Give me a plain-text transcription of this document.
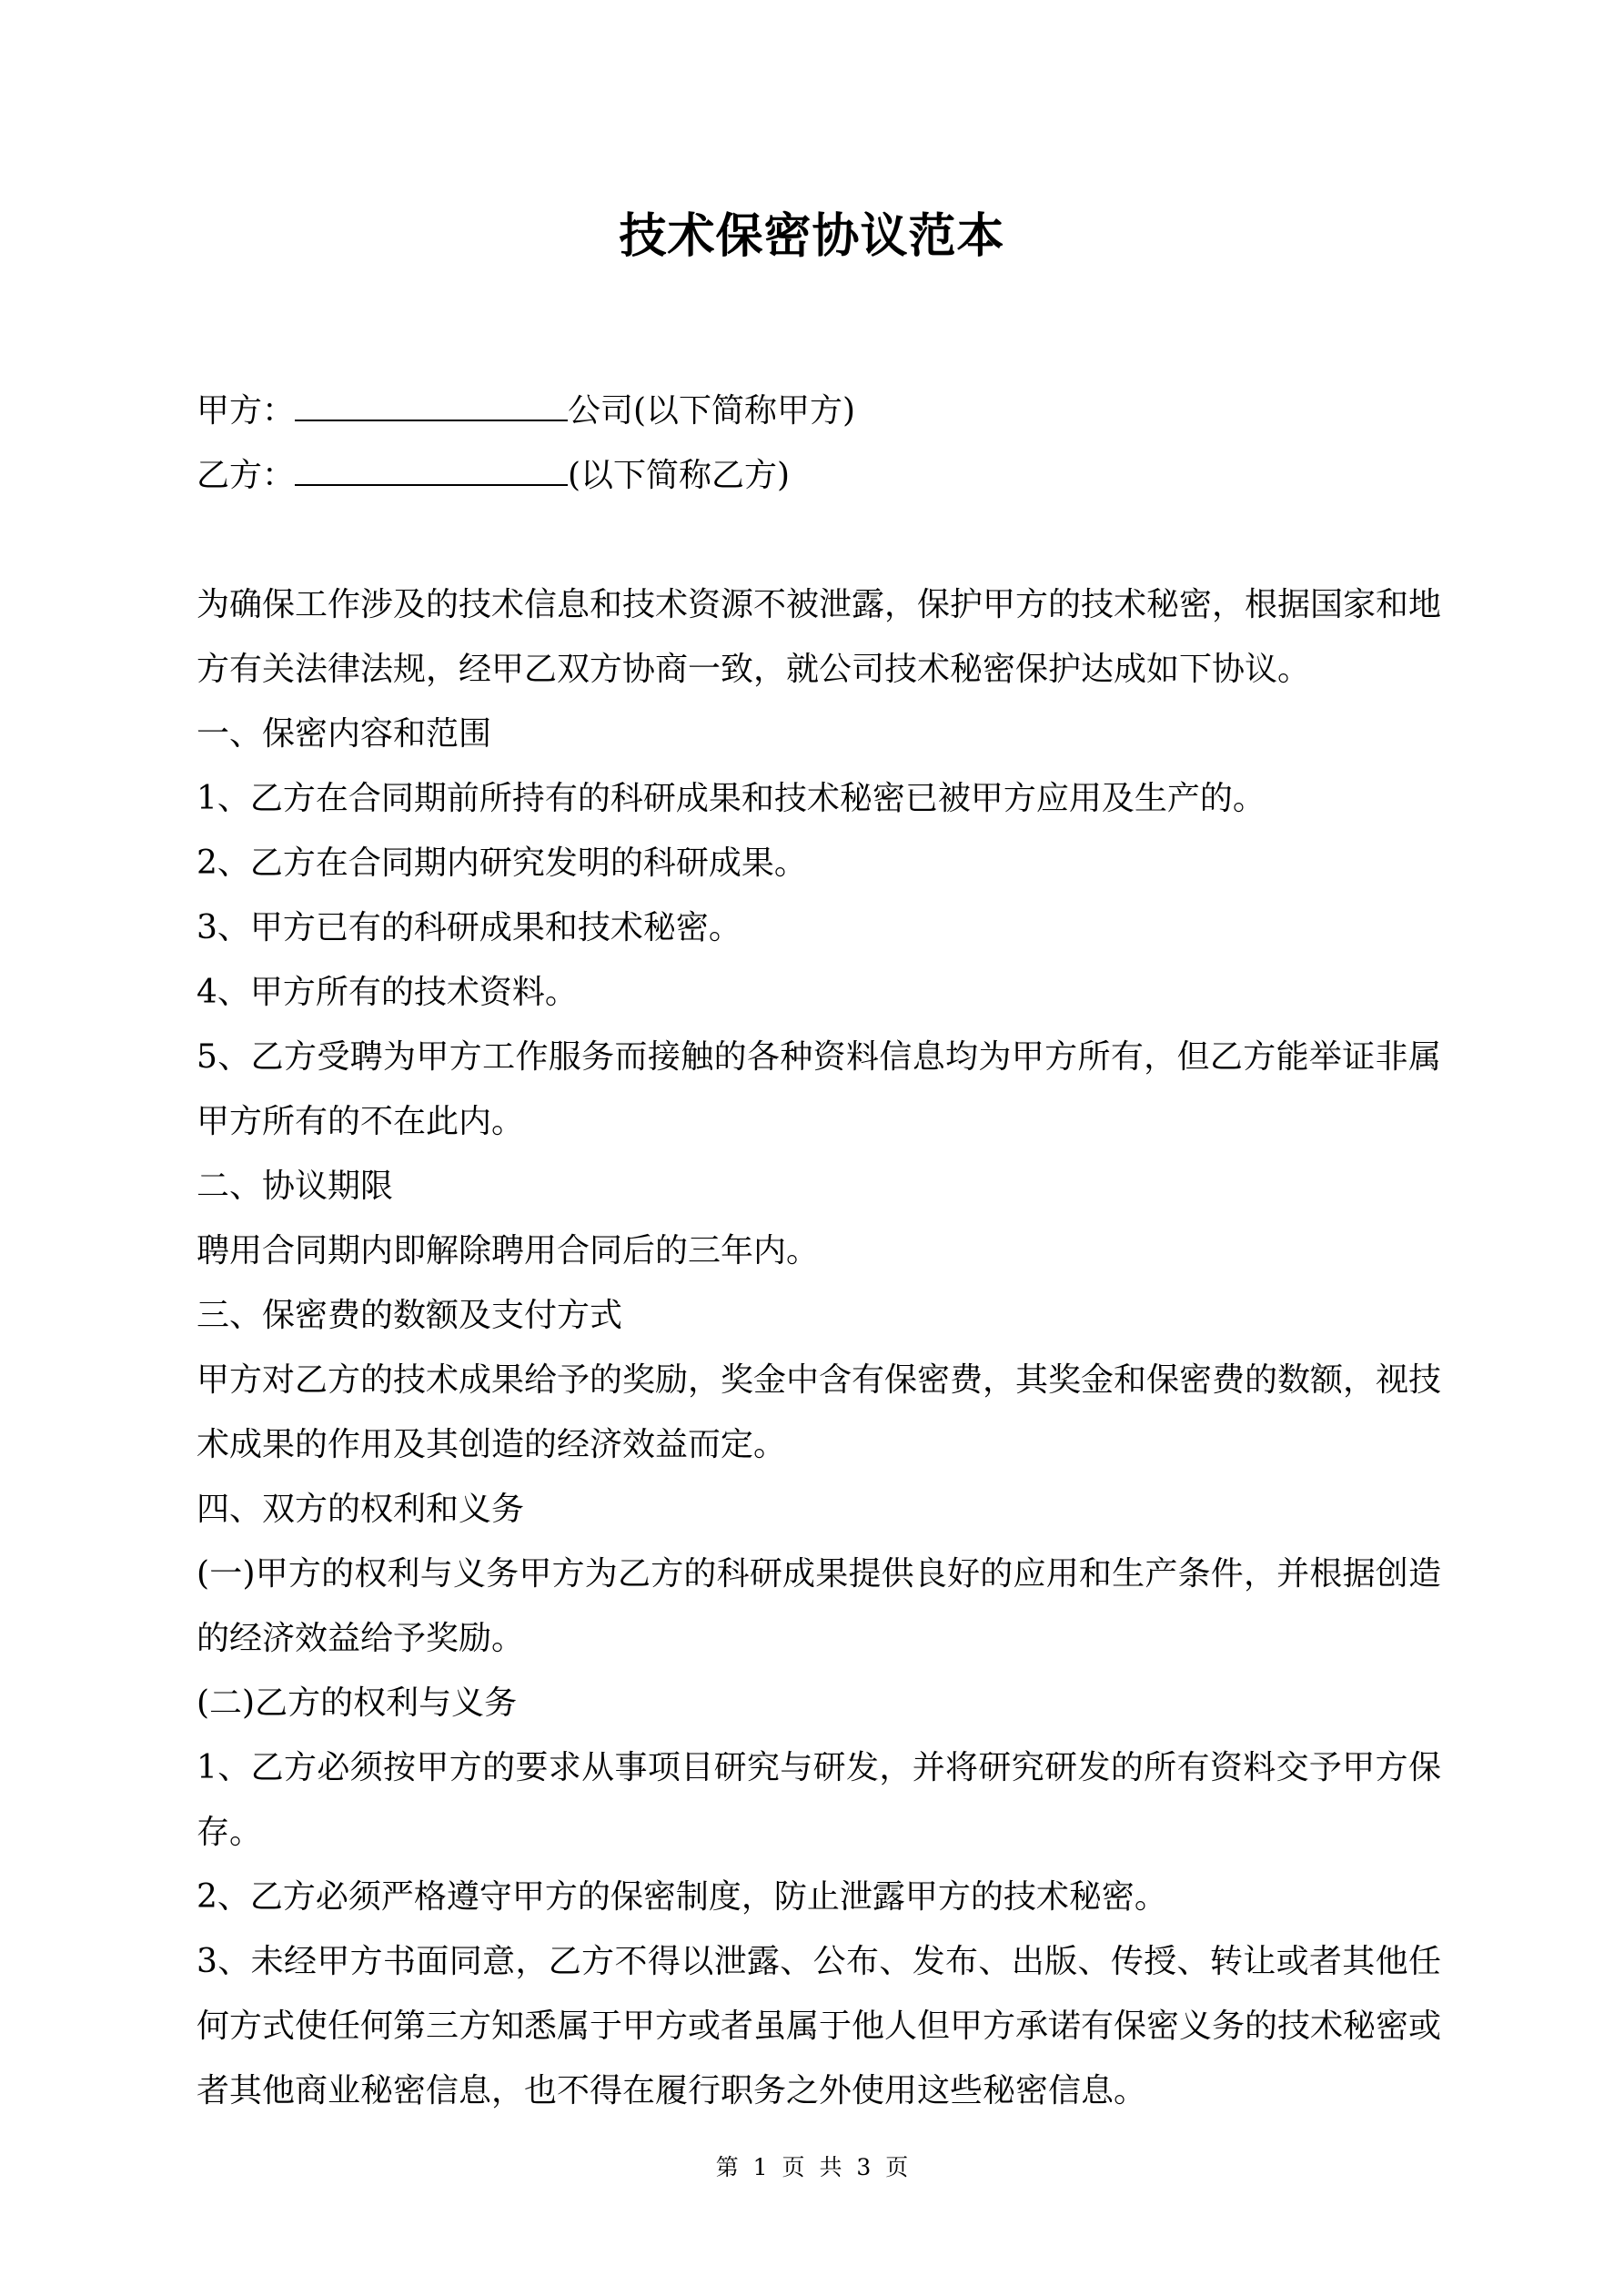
技术保密协议范本

甲方：	公司(以下简称甲方)

乙方：	(以下简称乙方)

为确保工作涉及的技术信息和技术资源不被泄露，保护甲方的技术秘密，根据国家和地方有关法律法规，经甲乙双方协商一致，就公司技术秘密保护达成如下协议。

一、保密内容和范围

1、乙方在合同期前所持有的科研成果和技术秘密已被甲方应用及生产的。

2、乙方在合同期内研究发明的科研成果。

3、甲方已有的科研成果和技术秘密。

4、甲方所有的技术资料。

5、乙方受聘为甲方工作服务而接触的各种资料信息均为甲方所有，但乙方能举证非属甲方所有的不在此内。

二、协议期限

聘用合同期内即解除聘用合同后的三年内。

三、保密费的数额及支付方式

甲方对乙方的技术成果给予的奖励，奖金中含有保密费，其奖金和保密费的数额，视技术成果的作用及其创造的经济效益而定。

四、双方的权利和义务

(一)甲方的权利与义务甲方为乙方的科研成果提供良好的应用和生产条件，并根据创造的经济效益给予奖励。

(二)乙方的权利与义务

1、乙方必须按甲方的要求从事项目研究与研发，并将研究研发的所有资料交予甲方保存。

2、乙方必须严格遵守甲方的保密制度，防止泄露甲方的技术秘密。

3、未经甲方书面同意，乙方不得以泄露、公布、发布、出版、传授、转让或者其他任何方式使任何第三方知悉属于甲方或者虽属于他人但甲方承诺有保密义务的技术秘密或者其他商业秘密信息，也不得在履行职务之外使用这些秘密信息。

第 1 页 共 3 页
